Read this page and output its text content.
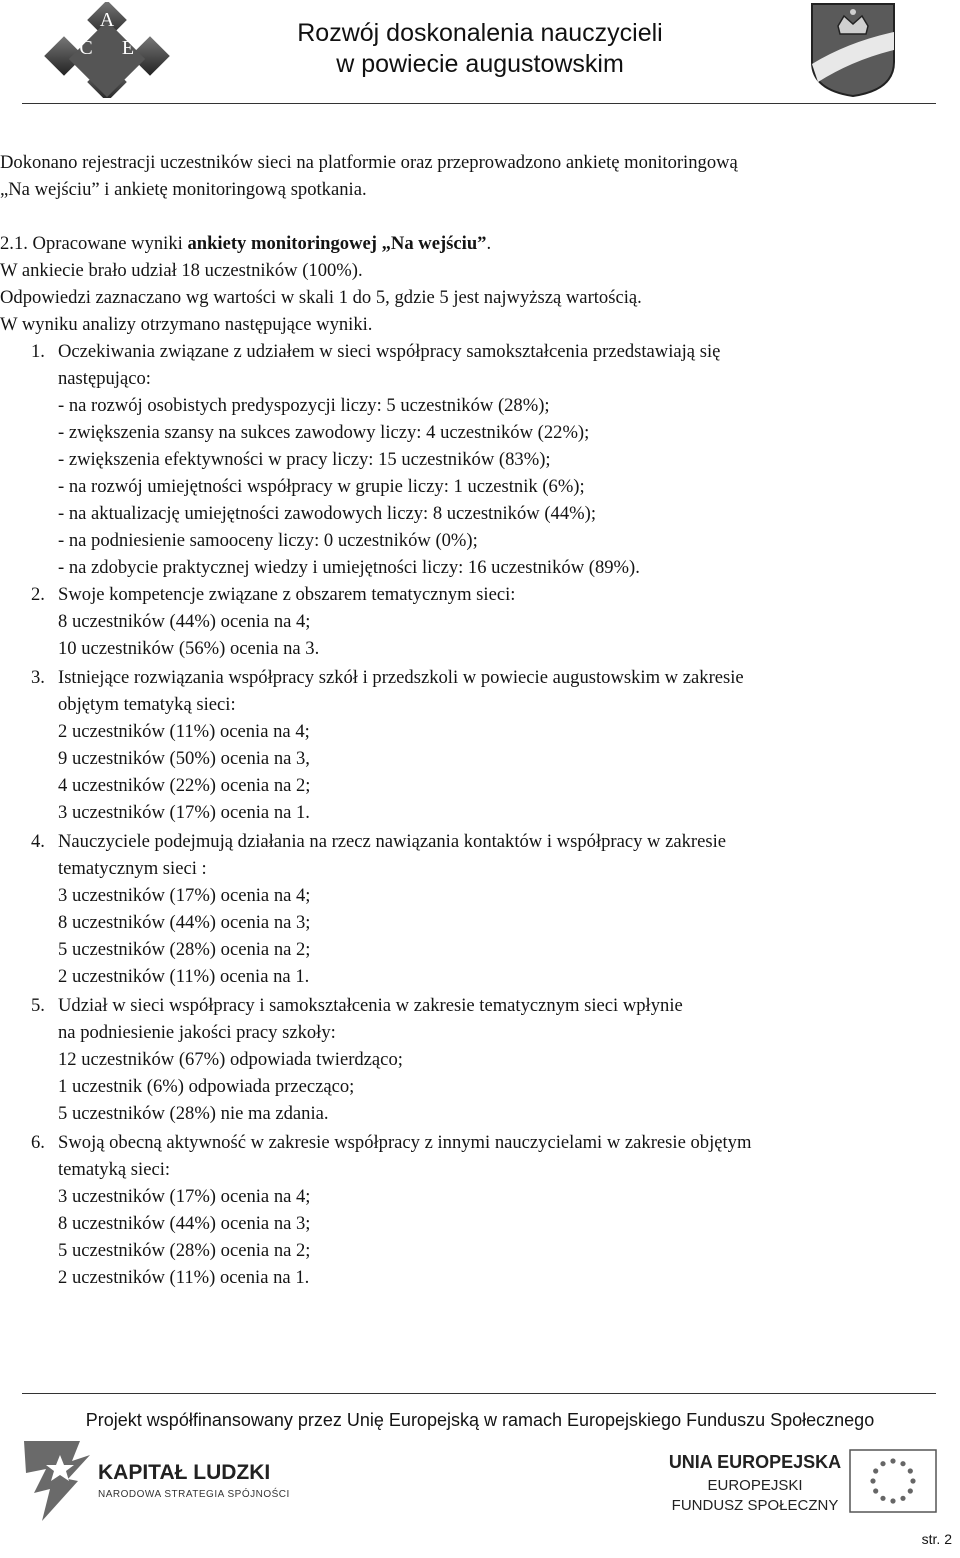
A
C E
Rozwój doskonalenia nauczycieli
w powiecie augustowskim
Dokonano rejestracji uczestników sieci na platformie oraz przeprowadzono ankietę monitoringową
„Na wejściu” i ankietę monitoringową spotkania.
2.1. Opracowane wyniki ankiety monitoringowej „Na wejściu”.
W ankiecie brało udział 18 uczestników (100%).
Odpowiedzi zaznaczano wg wartości w skali 1 do 5, gdzie 5 jest najwyższą wartością.
W wyniku analizy otrzymano następujące wyniki.
1. Oczekiwania związane z udziałem w sieci współpracy samokształcenia przedstawiają się
następująco:
- na rozwój osobistych predyspozycji liczy: 5 uczestników (28%);
- zwiększenia szansy na sukces zawodowy liczy: 4 uczestników (22%);
- zwiększenia efektywności w pracy liczy: 15 uczestników (83%);
- na rozwój umiejętności współpracy w grupie liczy: 1 uczestnik (6%);
- na aktualizację umiejętności zawodowych liczy: 8 uczestników (44%);
- na podniesienie samooceny liczy: 0 uczestników (0%);
- na zdobycie praktycznej wiedzy i umiejętności liczy: 16 uczestników (89%).
2. Swoje kompetencje związane z obszarem tematycznym sieci:
8 uczestników (44%) ocenia na 4;
10 uczestników (56%) ocenia na 3.
3. Istniejące rozwiązania współpracy szkół i przedszkoli w powiecie augustowskim w zakresie
objętym tematyką sieci:
2 uczestników (11%) ocenia na 4;
9 uczestników (50%) ocenia na 3,
4 uczestników (22%) ocenia na 2;
3 uczestników (17%) ocenia na 1.
4. Nauczyciele podejmują działania na rzecz nawiązania kontaktów i współpracy w zakresie
tematycznym sieci :
3 uczestników (17%) ocenia na 4;
8 uczestników (44%) ocenia na 3;
5 uczestników (28%) ocenia na 2;
2 uczestników (11%) ocenia na 1.
5. Udział w sieci współpracy i samokształcenia w zakresie tematycznym sieci wpłynie
na podniesienie jakości pracy szkoły:
12 uczestników (67%) odpowiada twierdząco;
1 uczestnik (6%) odpowiada przecząco;
5 uczestników (28%) nie ma zdania.
6. Swoją obecną aktywność w zakresie współpracy z innymi nauczycielami w zakresie objętym
tematyką sieci:
3 uczestników (17%) ocenia na 4;
8 uczestników (44%) ocenia na 3;
5 uczestników (28%) ocenia na 2;
2 uczestników (11%) ocenia na 1.
Projekt współfinansowany przez Unię Europejską w ramach Europejskiego Funduszu Społecznego
KAPITAŁ LUDZKI
NARODOWA STRATEGIA SPÓJNOŚCI
UNIA EUROPEJSKA
EUROPEJSKI
FUNDUSZ SPOŁECZNY
str. 2
